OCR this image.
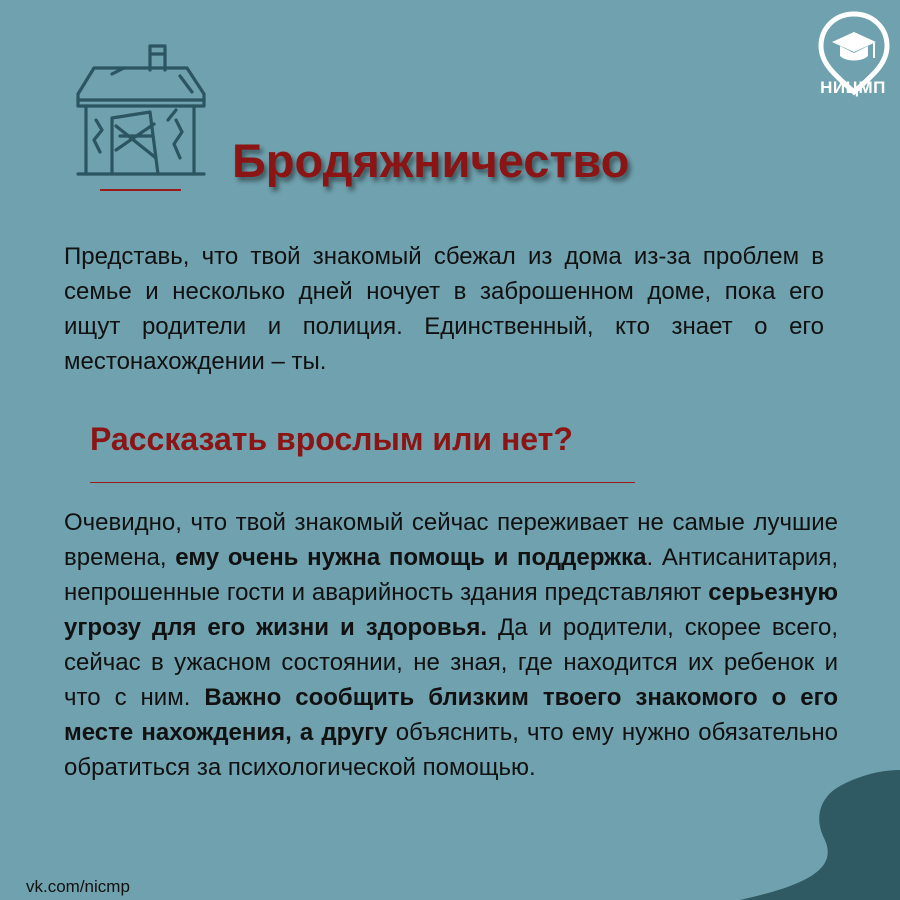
НИЦМП
Бродяжничество

Представь, что твой знакомый сбежал из дома из-за проблем в семье и несколько дней ночует в заброшенном доме, пока его ищут родители и полиция. Единственный, кто знает о его местонахождении – ты.

Рассказать врослым или нет?

Очевидно, что твой знакомый сейчас переживает не самые лучшие времена, ему очень нужна помощь и поддержка. Антисанитария, непрошенные гости и аварийность здания представляют серьезную угрозу для его жизни и здоровья. Да и родители, скорее всего, сейчас в ужасном состоянии, не зная, где находится их ребенок и что с ним. Важно сообщить близким твоего знакомого о его месте нахождения, а другу объяснить, что ему нужно обязательно обратиться за психологической помощью.

vk.com/nicmp
